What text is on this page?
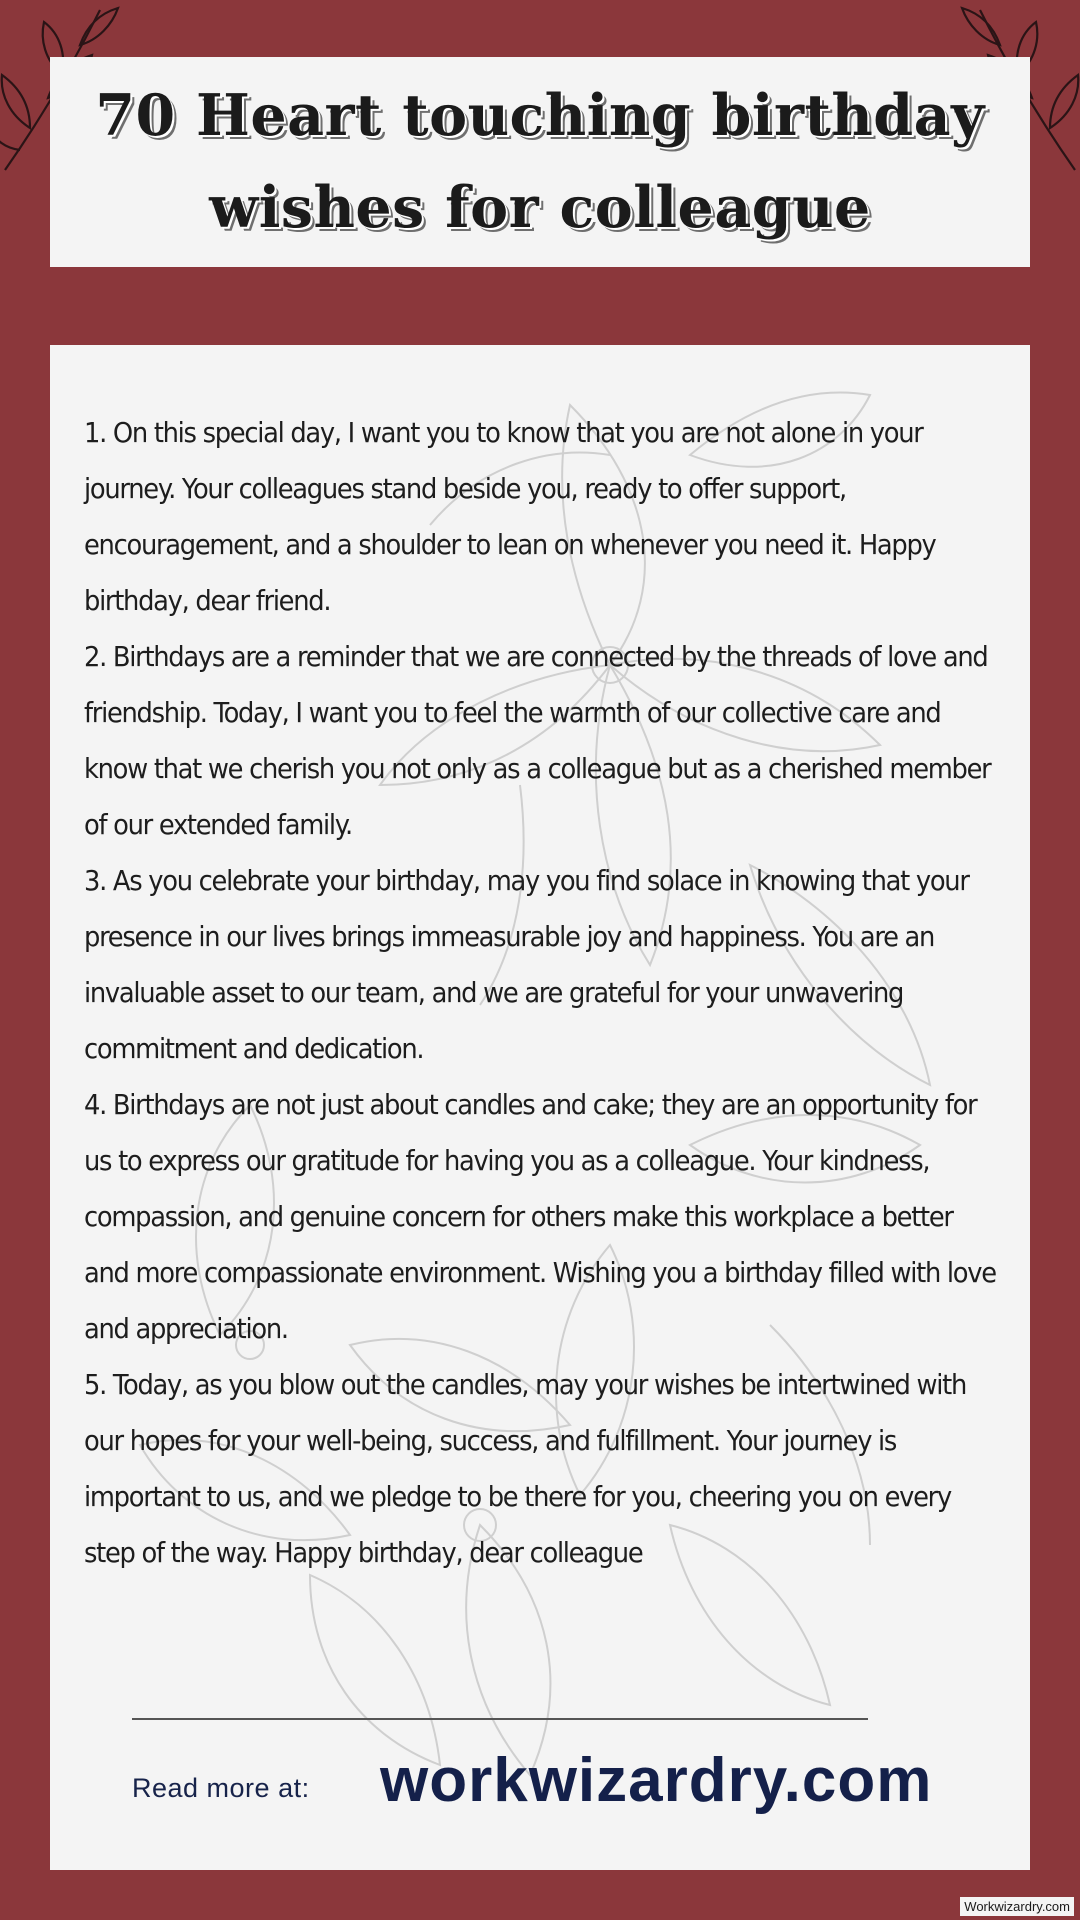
70 Heart touching birthday wishes for colleague
1. On this special day, I want you to know that you are not alone in your journey. Your colleagues stand beside you, ready to offer support, encouragement, and a shoulder to lean on whenever you need it. Happy birthday, dear friend.
2. Birthdays are a reminder that we are connected by the threads of love and friendship. Today, I want you to feel the warmth of our collective care and know that we cherish you not only as a colleague but as a cherished member of our extended family.
3. As you celebrate your birthday, may you find solace in knowing that your presence in our lives brings immeasurable joy and happiness. You are an invaluable asset to our team, and we are grateful for your unwavering commitment and dedication.
4. Birthdays are not just about candles and cake; they are an opportunity for us to express our gratitude for having you as a colleague. Your kindness, compassion, and genuine concern for others make this workplace a better and more compassionate environment. Wishing you a birthday filled with love and appreciation.
5. Today, as you blow out the candles, may your wishes be intertwined with our hopes for your well-being, success, and fulfillment. Your journey is important to us, and we pledge to be there for you, cheering you on every step of the way. Happy birthday, dear colleague
Read more at: workwizardry.com
Workwizardry.com
